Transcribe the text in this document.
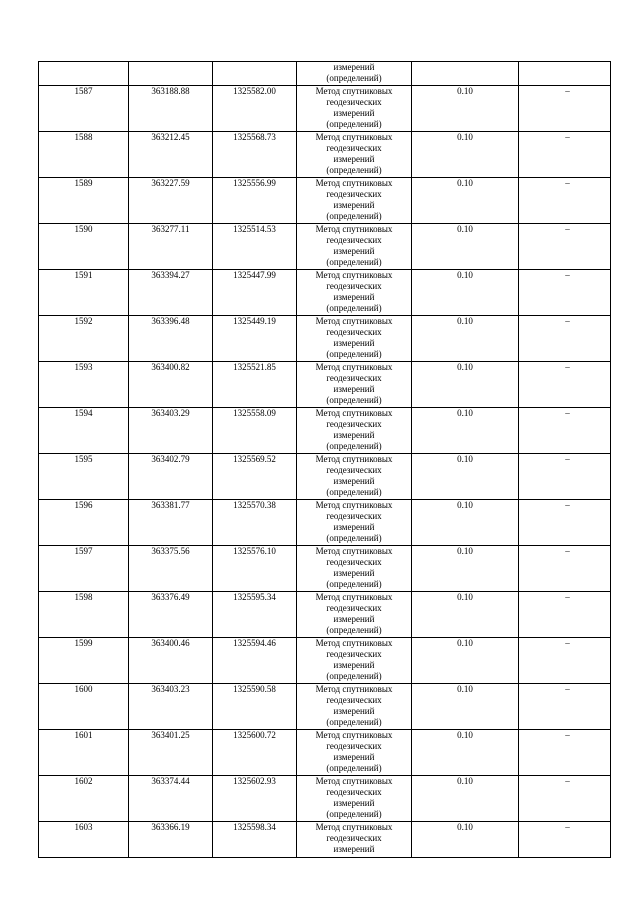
			измерений
(определений)		

1587	363188.88	1325582.00	Метод спутниковых
геодезических
измерений
(определений)	0.10	–
1588	363212.45	1325568.73	Метод спутниковых
геодезических
измерений
(определений)	0.10	–
1589	363227.59	1325556.99	Метод спутниковых
геодезических
измерений
(определений)	0.10	–
1590	363277.11	1325514.53	Метод спутниковых
геодезических
измерений
(определений)	0.10	–
1591	363394.27	1325447.99	Метод спутниковых
геодезических
измерений
(определений)	0.10	–
1592	363396.48	1325449.19	Метод спутниковых
геодезических
измерений
(определений)	0.10	–
1593	363400.82	1325521.85	Метод спутниковых
геодезических
измерений
(определений)	0.10	–
1594	363403.29	1325558.09	Метод спутниковых
геодезических
измерений
(определений)	0.10	–
1595	363402.79	1325569.52	Метод спутниковых
геодезических
измерений
(определений)	0.10	–
1596	363381.77	1325570.38	Метод спутниковых
геодезических
измерений
(определений)	0.10	–
1597	363375.56	1325576.10	Метод спутниковых
геодезических
измерений
(определений)	0.10	–
1598	363376.49	1325595.34	Метод спутниковых
геодезических
измерений
(определений)	0.10	–
1599	363400.46	1325594.46	Метод спутниковых
геодезических
измерений
(определений)	0.10	–
1600	363403.23	1325590.58	Метод спутниковых
геодезических
измерений
(определений)	0.10	–
1601	363401.25	1325600.72	Метод спутниковых
геодезических
измерений
(определений)	0.10	–
1602	363374.44	1325602.93	Метод спутниковых
геодезических
измерений
(определений)	0.10	–
1603	363366.19	1325598.34	Метод спутниковых
геодезических
измерений	0.10	–
